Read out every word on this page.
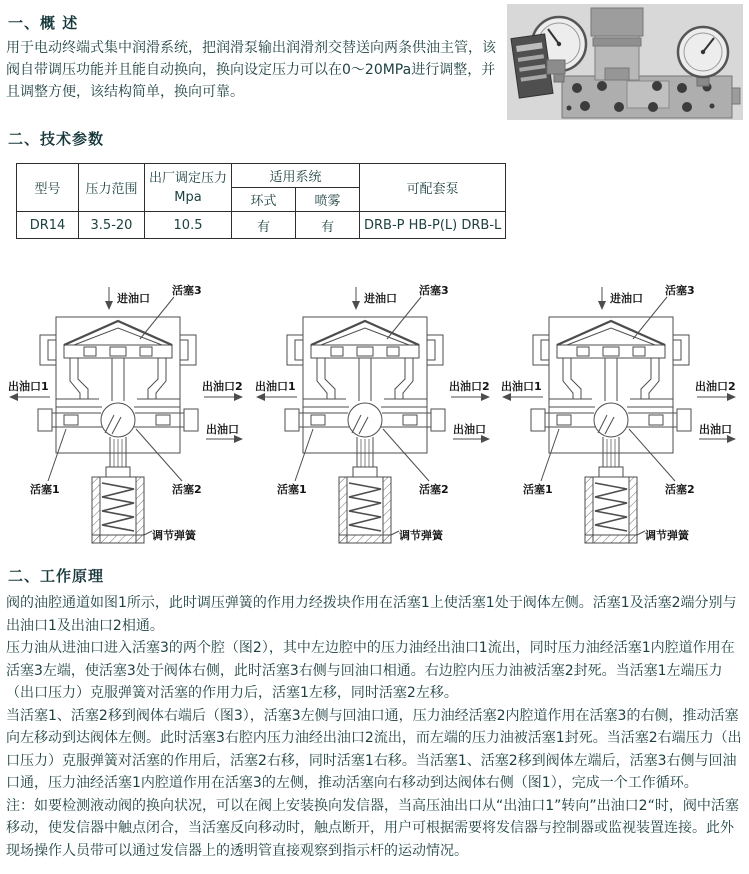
一、概 述

用于电动终端式集中润滑系统，把润滑泵输出润滑剂交替送向两条供油主管，该阀自带调压功能并且能自动换向，换向设定压力可以在0～20MPa进行调整，并且调整方便，该结构简单，换向可靠。

二、技术参数
型号	压力范围	出厂调定压力
Mpa	适用系统		可配套泵
			环式	喷雾	
DR14	3.5-20	10.5	有	有	DRB-P HB-P(L) DRB-L
进油口
活塞3
出油口1	出油口2
出油口
活塞1	活塞2
调节弹簧
进油口
活塞3
出油口1	出油口2
出油口
活塞1	活塞2
调节弹簧
进油口
活塞3
出油口1	出油口2
出油口
活塞1	活塞2
调节弹簧
二、工作原理

阀的油腔通道如图1所示，此时调压弹簧的作用力经拨块作用在活塞1上使活塞1处于阀体左侧。活塞1及活塞2端分别与出油口1及出油口2相通。

压力油从进油口进入活塞3的两个腔（图2），其中左边腔中的压力油经出油口1流出，同时压力油经活塞1内腔道作用在活塞3左端，使活塞3处于阀体右侧，此时活塞3右侧与回油口相通。右边腔内压力油被活塞2封死。当活塞1左端压力（出口压力）克服弹簧对活塞的作用力后，活塞1左移，同时活塞2左移。

当活塞1、活塞2移到阀体右端后（图3），活塞3左侧与回油口通，压力油经活塞2内腔道作用在活塞3的右侧，推动活塞向左移动到达阀体左侧。此时活塞3右腔内压力油经出油口2流出，而左端的压力油被活塞1封死。当活塞2右端压力（出口压力）克服弹簧对活塞的作用后，活塞2右移，同时活塞1右移。当活塞1、活塞2移到阀体左端后，活塞3右侧与回油口通，压力油经活塞1内腔道作用在活塞3的左侧，推动活塞向右移动到达阀体右侧（图1），完成一个工作循环。

注：如要检测液动阀的换向状况，可以在阀上安装换向发信器，当高压油出口从“出油口1”转向”出油口2“时，阀中活塞移动，使发信器中触点闭合，当活塞反向移动时，触点断开，用户可根据需要将发信器与控制器或监视装置连接。此外现场操作人员带可以通过发信器上的透明管直接观察到指示杆的运动情况。
